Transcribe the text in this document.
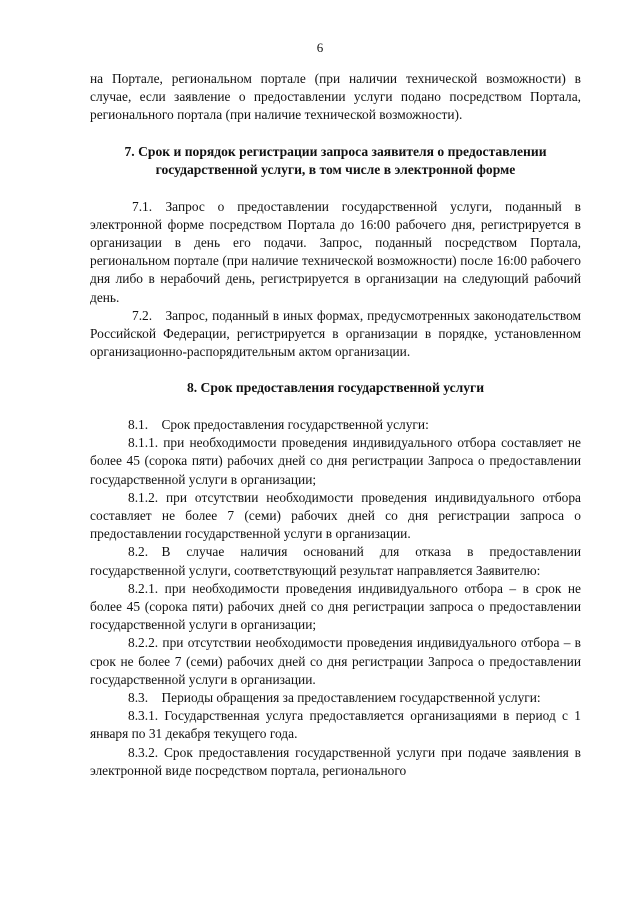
6

на Портале, региональном портале (при наличии технической возможности) в случае, если заявление о предоставлении услуги подано посредством Портала, регионального портала (при наличие технической возможности).

7. Срок и порядок регистрации запроса заявителя о предоставлении государственной услуги, в том числе в электронной форме

7.1. Запрос о предоставлении государственной услуги, поданный в электронной форме посредством Портала до 16:00 рабочего дня, регистрируется в организации в день его подачи. Запрос, поданный посредством Портала, региональном портале (при наличие технической возможности) после 16:00 рабочего дня либо в нерабочий день, регистрируется в организации на следующий рабочий день.

7.2. Запрос, поданный в иных формах, предусмотренных законодательством Российской Федерации, регистрируется в организации в порядке, установленном организационно-распорядительным актом организации.

8. Срок предоставления государственной услуги

8.1. Срок предоставления государственной услуги:

8.1.1. при необходимости проведения индивидуального отбора составляет не более 45 (сорока пяти) рабочих дней со дня регистрации Запроса о предоставлении государственной услуги в организации;

8.1.2. при отсутствии необходимости проведения индивидуального отбора составляет не более 7 (семи) рабочих дней со дня регистрации запроса о предоставлении государственной услуги в организации.

8.2. В случае наличия оснований для отказа в предоставлении государственной услуги, соответствующий результат направляется Заявителю:

8.2.1. при необходимости проведения индивидуального отбора – в срок не более 45 (сорока пяти) рабочих дней со дня регистрации запроса о предоставлении государственной услуги в организации;

8.2.2. при отсутствии необходимости проведения индивидуального отбора – в срок не более 7 (семи) рабочих дней со дня регистрации Запроса о предоставлении государственной услуги в организации.

8.3. Периоды обращения за предоставлением государственной услуги:

8.3.1. Государственная услуга предоставляется организациями в период с 1 января по 31 декабря текущего года.

8.3.2. Срок предоставления государственной услуги при подаче заявления в электронной виде посредством портала, регионального
